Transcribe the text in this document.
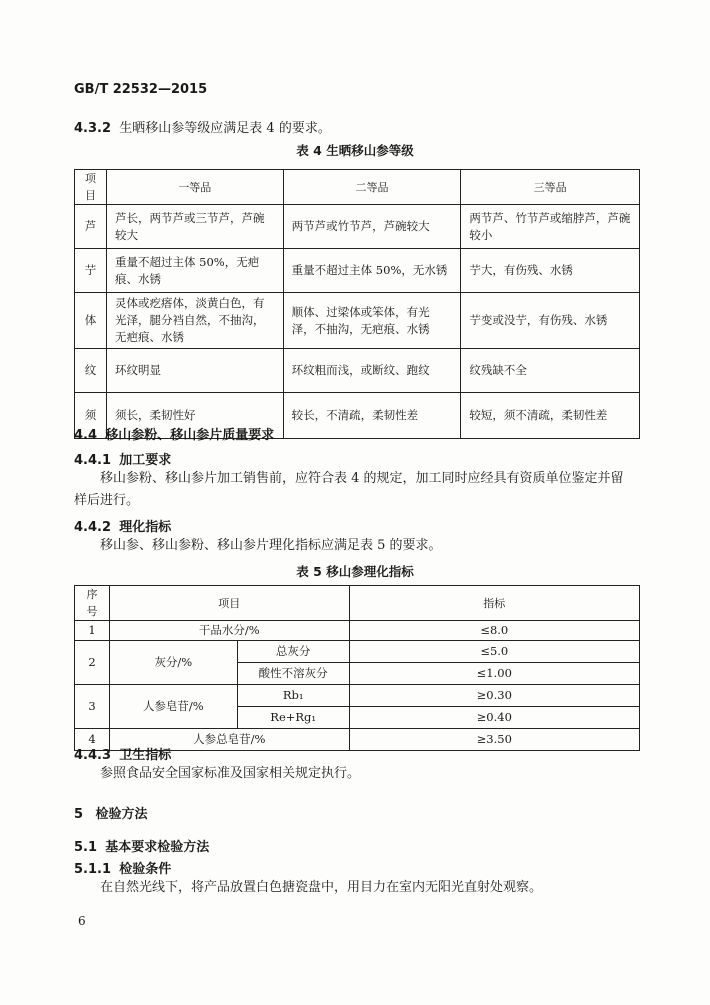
GB/T 22532—2015
4.3.2 生晒移山参等级应满足表 4 的要求。
表 4 生晒移山参等级
项目	一等品	二等品	三等品
芦	芦长，两节芦或三节芦，芦碗较大	两节芦或竹节芦，芦碗较大	两节芦、竹节芦或缩脖芦，芦碗较小
艼	重量不超过主体 50%，无疤痕、水锈	重量不超过主体 50%，无水锈	艼大，有伤残、水锈
体	灵体或疙瘩体，淡黄白色，有光泽，腿分裆自然，不抽沟，无疤痕、水锈	顺体、过梁体或笨体，有光泽，不抽沟，无疤痕、水锈	艼变或没艼，有伤残、水锈
纹	环纹明显	环纹粗而浅，或断纹、跑纹	纹残缺不全
须	须长，柔韧性好	较长，不清疏，柔韧性差	较短，须不清疏，柔韧性差
4.4 移山参粉、移山参片质量要求
4.4.1 加工要求
移山参粉、移山参片加工销售前，应符合表 4 的规定，加工同时应经具有资质单位鉴定并留样后进行。
4.4.2 理化指标
移山参、移山参粉、移山参片理化指标应满足表 5 的要求。
表 5 移山参理化指标
序号	项目		指标
1	干品水分/%		≤8.0
2	灰分/%	总灰分	≤5.0
		酸性不溶灰分	≤1.00
3	人参皂苷/%	Rb₁	≥0.30
		Re+Rg₁	≥0.40
4	人参总皂苷/%		≥3.50
4.4.3 卫生指标
参照食品安全国家标准及国家相关规定执行。
5 检验方法
5.1 基本要求检验方法
5.1.1 检验条件
在自然光线下，将产品放置白色搪瓷盘中，用目力在室内无阳光直射处观察。
6
